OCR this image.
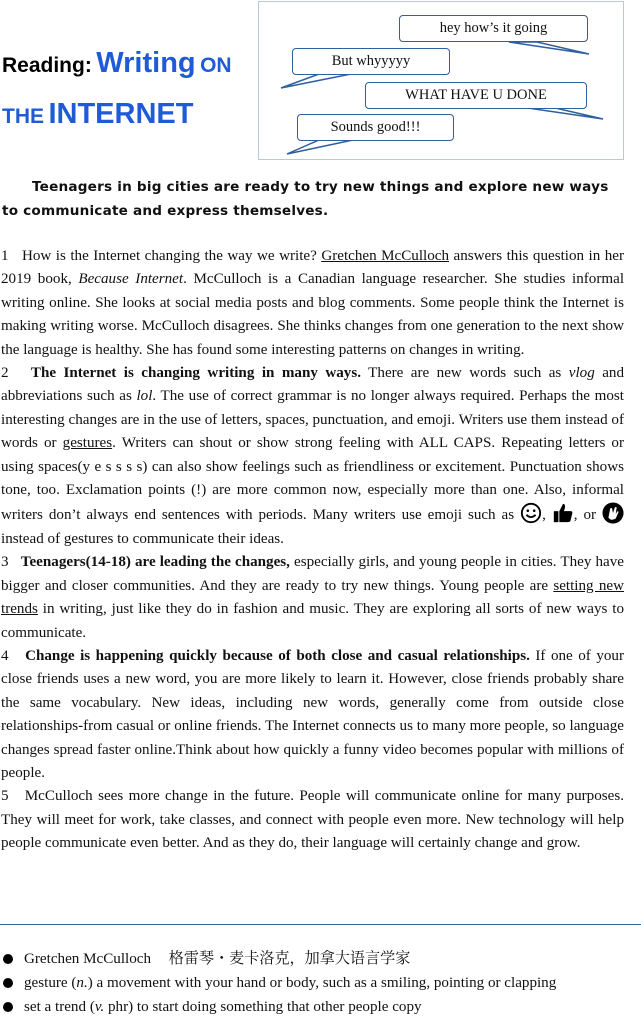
Reading: Writing ON
THE INTERNET
hey how’s it going
But whyyyyy
WHAT HAVE U DONE
Sounds good!!!
Teenagers in big cities are ready to try new things and explore new ways to communicate and express themselves.

1 How is the Internet changing the way we write? Gretchen McCulloch answers this question in her 2019 book, Because Internet. McCulloch is a Canadian language researcher. She studies informal writing online. She looks at social media posts and blog comments. Some people think the Internet is making writing worse. McCulloch disagrees. She thinks changes from one generation to the next show the language is healthy. She has found some interesting patterns on changes in writing.

2 The Internet is changing writing in many ways. There are new words such as vlog and abbreviations such as lol. The use of correct grammar is no longer always required. Perhaps the most interesting changes are in the use of letters, spaces, punctuation, and emoji. Writers use them instead of words or gestures. Writers can shout or show strong feeling with ALL CAPS. Repeating letters or using spaces(y e s s s s) can also show feelings such as friendliness or excitement. Punctuation shows tone, too. Exclamation points (!) are more common now, especially more than one. Also, informal writers don’t always end sentences with periods. Many writers use emoji such as , , or  instead of gestures to communicate their ideas.

3 Teenagers(14-18) are leading the changes, especially girls, and young people in cities. They have bigger and closer communities. And they are ready to try new things. Young people are setting new trends in writing, just like they do in fashion and music. They are exploring all sorts of new ways to communicate.

4 Change is happening quickly because of both close and casual relationships. If one of your close friends uses a new word, you are more likely to learn it. However, close friends probably share the same vocabulary. New ideas, including new words, generally come from outside close relationships-from casual or online friends. The Internet connects us to many more people, so language changes spread faster online.Think about how quickly a funny video becomes popular with millions of people.

5 McCulloch sees more change in the future. People will communicate online for many purposes. They will meet for work, take classes, and connect with people even more. New technology will help people communicate even better. And as they do, their language will certainly change and grow.

Gretchen McCulloch 格雷琴・麦卡洛克，加拿大语言学家
gesture (n.) a movement with your hand or body, such as a smiling, pointing or clapping
set a trend (v. phr) to start doing something that other people copy
